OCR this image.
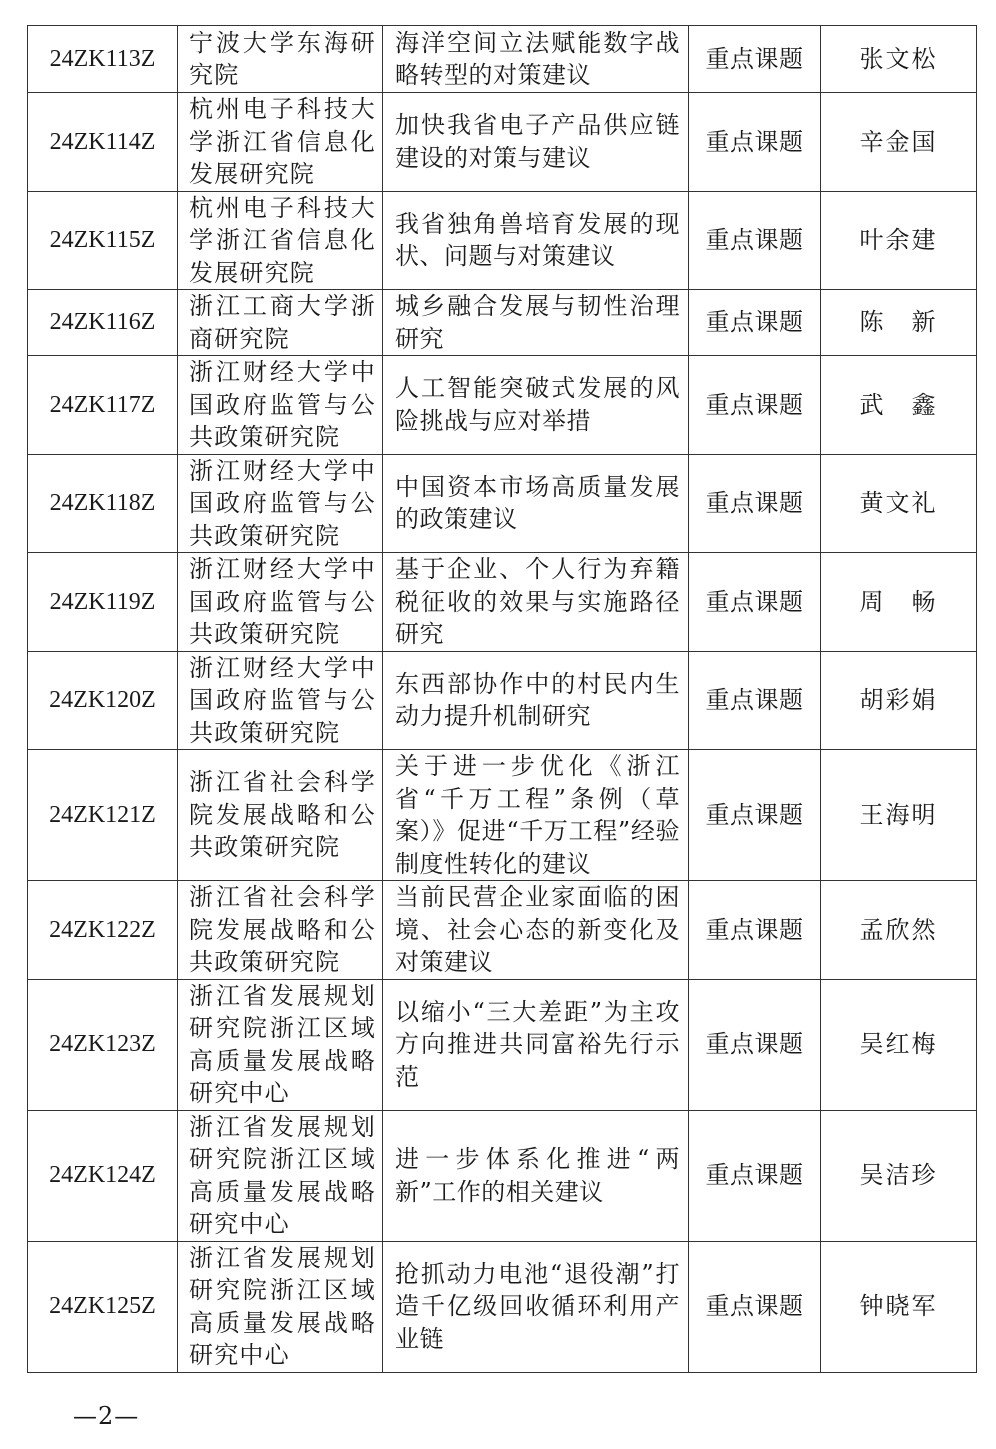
24ZK113Z	宁波大学东海研究院	海洋空间立法赋能数字战略转型的对策建议	重点课题	张文松
24ZK114Z	杭州电子科技大学浙江省信息化发展研究院	加快我省电子产品供应链建设的对策与建议	重点课题	辛金国
24ZK115Z	杭州电子科技大学浙江省信息化发展研究院	我省独角兽培育发展的现状、问题与对策建议	重点课题	叶余建
24ZK116Z	浙江工商大学浙商研究院	城乡融合发展与韧性治理研究	重点课题	陈　新
24ZK117Z	浙江财经大学中国政府监管与公共政策研究院	人工智能突破式发展的风险挑战与应对举措	重点课题	武　鑫
24ZK118Z	浙江财经大学中国政府监管与公共政策研究院	中国资本市场高质量发展的政策建议	重点课题	黄文礼
24ZK119Z	浙江财经大学中国政府监管与公共政策研究院	基于企业、个人行为弃籍税征收的效果与实施路径研究	重点课题	周　畅
24ZK120Z	浙江财经大学中国政府监管与公共政策研究院	东西部协作中的村民内生动力提升机制研究	重点课题	胡彩娟
24ZK121Z	浙江省社会科学院发展战略和公共政策研究院	关于进一步优化《浙江省“千万工程”条例（草案）》促进“千万工程”经验制度性转化的建议	重点课题	王海明
24ZK122Z	浙江省社会科学院发展战略和公共政策研究院	当前民营企业家面临的困境、社会心态的新变化及对策建议	重点课题	孟欣然
24ZK123Z	浙江省发展规划研究院浙江区域高质量发展战略研究中心	以缩小“三大差距”为主攻方向推进共同富裕先行示范	重点课题	吴红梅
24ZK124Z	浙江省发展规划研究院浙江区域高质量发展战略研究中心	进一步体系化推进“两新”工作的相关建议	重点课题	吴洁珍
24ZK125Z	浙江省发展规划研究院浙江区域高质量发展战略研究中心	抢抓动力电池“退役潮”打造千亿级回收循环利用产业链	重点课题	钟晓军
—2—
